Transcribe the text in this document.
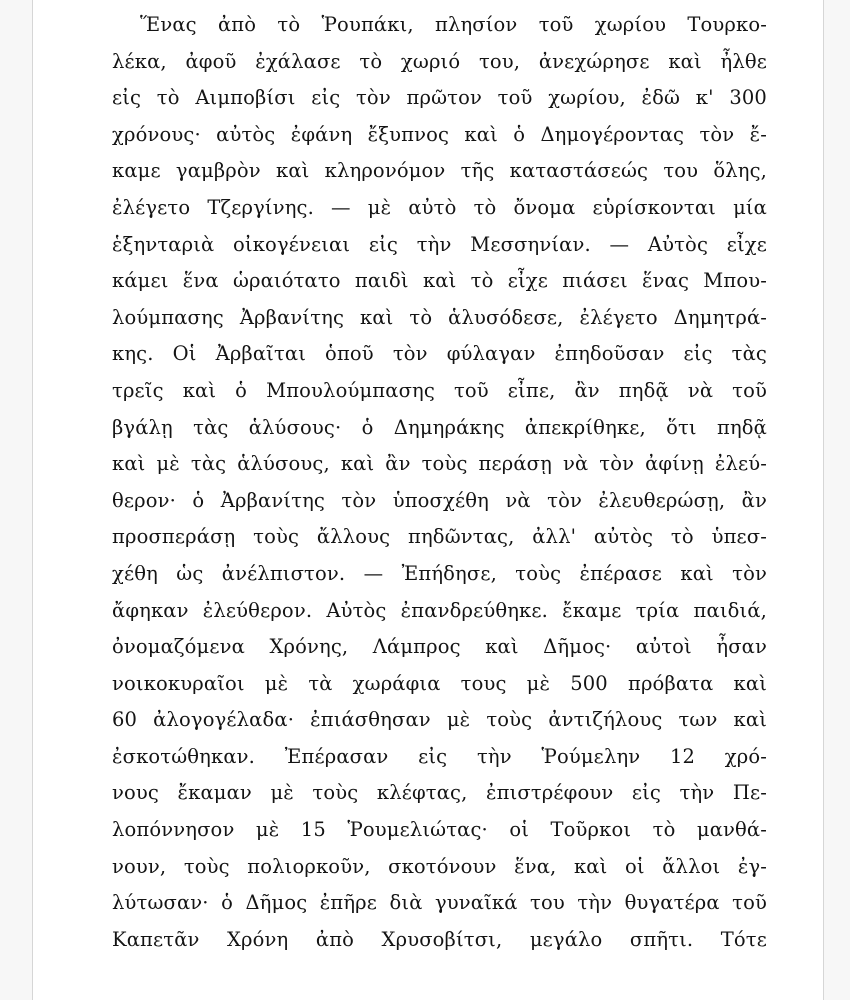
Ἕνας ἀπὸ τὸ Ῥουπάκι, πλησίον τοῦ χωρίου Τουρκο-
λέκα, ἀφοῦ ἐχάλασε τὸ χωριό του, ἀνεχώρησε καὶ ἦλθε
εἰς τὸ Αιμποβίσι εἰς τὸν πρῶτον τοῦ χωρίου, ἐδῶ κ' 300
χρόνους· αὐτὸς ἐφάνη ἔξυπνος καὶ ὁ Δημογέροντας τὸν ἔ-
καμε γαμβρὸν καὶ κληρονόμον τῆς καταστάσεώς του ὅλης,
ἐλέγετο Τζεργίνης. — μὲ αὐτὸ τὸ ὄνομα εὑρίσκονται μία
ἑξηνταριὰ οἰκογένειαι εἰς τὴν Μεσσηνίαν. — Αὐτὸς εἶχε
κάμει ἕνα ὡραιότατο παιδὶ καὶ τὸ εἶχε πιάσει ἕνας Μπου-
λούμπασης Ἀρβανίτης καὶ τὸ ἁλυσόδεσε, ἐλέγετο Δημητρά-
κης. Οἱ Ἀρβαῖται ὁποῦ τὸν φύλαγαν ἐπηδοῦσαν εἰς τὰς
τρεῖς καὶ ὁ Μπουλούμπασης τοῦ εἶπε, ἂν πηδᾷ νὰ τοῦ
βγάλῃ τὰς ἁλύσους· ὁ Δημηράκης ἀπεκρίθηκε, ὅτι πηδᾷ
καὶ μὲ τὰς ἁλύσους, καὶ ἂν τοὺς περάσῃ νὰ τὸν ἀφίνῃ ἐλεύ-
θερον· ὁ Ἀρβανίτης τὸν ὑποσχέθη νὰ τὸν ἐλευθερώσῃ, ἂν
προσπεράσῃ τοὺς ἄλλους πηδῶντας, ἀλλ' αὐτὸς τὸ ὑπεσ-
χέθη ὡς ἀνέλπιστον. — Ἐπήδησε, τοὺς ἐπέρασε καὶ τὸν
ἄφηκαν ἐλεύθερον. Αὐτὸς ἐπανδρεύθηκε. ἔκαμε τρία παιδιά,
ὀνομαζόμενα Χρόνης, Λάμπρος καὶ Δῆμος· αὐτοὶ ἦσαν
νοικοκυραῖοι μὲ τὰ χωράφια τους μὲ 500 πρόβατα καὶ
60 ἀλογογέλαδα· ἐπιάσθησαν μὲ τοὺς ἀντιζήλους των καὶ
ἐσκοτώθηκαν. Ἐπέρασαν εἰς τὴν Ῥούμελην 12 χρό-
νους ἔκαμαν μὲ τοὺς κλέφτας, ἐπιστρέφουν εἰς τὴν Πε-
λοπόννησον μὲ 15 Ῥουμελιώτας· οἱ Τοῦρκοι τὸ μανθά-
νουν, τοὺς πολιορκοῦν, σκοτόνουν ἕνα, καὶ οἱ ἄλλοι ἐγ-
λύτωσαν· ὁ Δῆμος ἐπῆρε διὰ γυναῖκά του τὴν θυγατέρα τοῦ
Καπετᾶν Χρόνη ἀπὸ Χρυσοβίτσι, μεγάλο σπῆτι. Τότε
